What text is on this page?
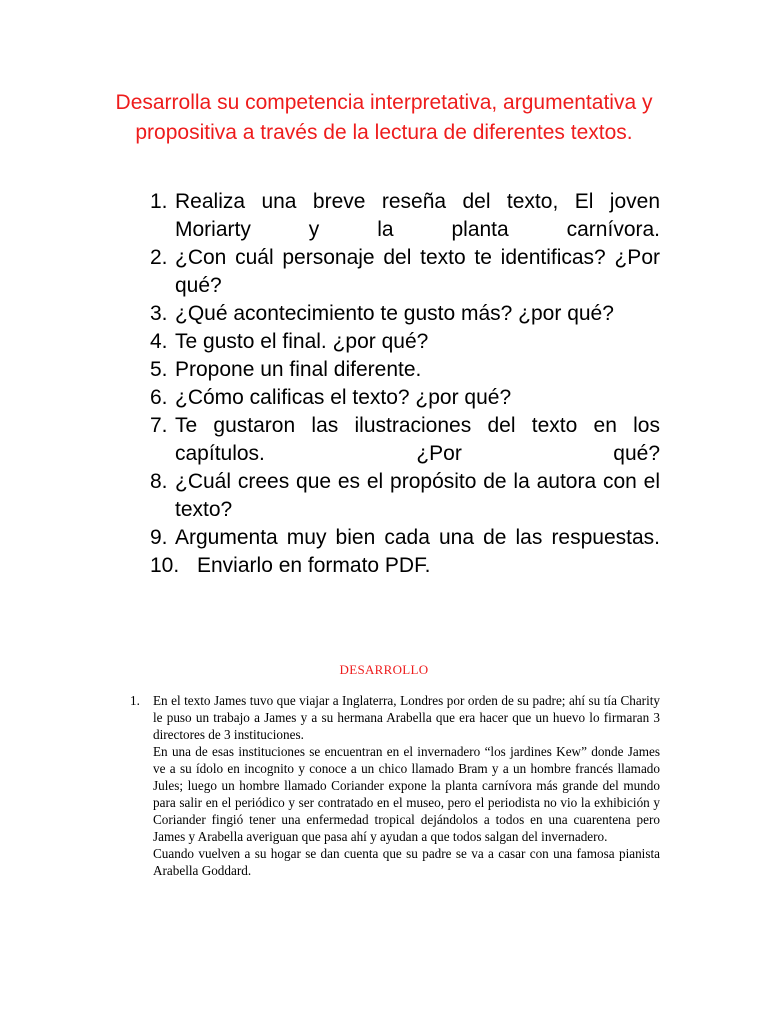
Desarrolla su competencia interpretativa, argumentativa y propositiva a través de la lectura de diferentes textos.
1. Realiza una breve reseña del texto, El joven Moriarty y la planta carnívora.
2. ¿Con cuál personaje del texto te identificas? ¿Por qué?
3. ¿Qué acontecimiento te gusto más? ¿por qué?
4. Te gusto el final. ¿por qué?
5. Propone un final diferente.
6. ¿Cómo calificas el texto? ¿por qué?
7. Te gustaron las ilustraciones del texto en los capítulos. ¿Por qué?
8. ¿Cuál crees que es el propósito de la autora con el texto?
9. Argumenta muy bien cada una de las respuestas.
10. Enviarlo en formato PDF.
DESARROLLO
1. En el texto James tuvo que viajar a Inglaterra, Londres por orden de su padre; ahí su tía Charity le puso un trabajo a James y a su hermana Arabella que era hacer que un huevo lo firmaran 3 directores de 3 instituciones.

En una de esas instituciones se encuentran en el invernadero “los jardines Kew” donde James ve a su ídolo en incognito y conoce a un chico llamado Bram y a un hombre francés llamado Jules; luego un hombre llamado Coriander expone la planta carnívora más grande del mundo para salir en el periódico y ser contratado en el museo, pero el periodista no vio la exhibición y Coriander fingió tener una enfermedad tropical dejándolos a todos en una cuarentena pero James y Arabella averiguan que pasa ahí y ayudan a que todos salgan del invernadero.

Cuando vuelven a su hogar se dan cuenta que su padre se va a casar con una famosa pianista Arabella Goddard.
